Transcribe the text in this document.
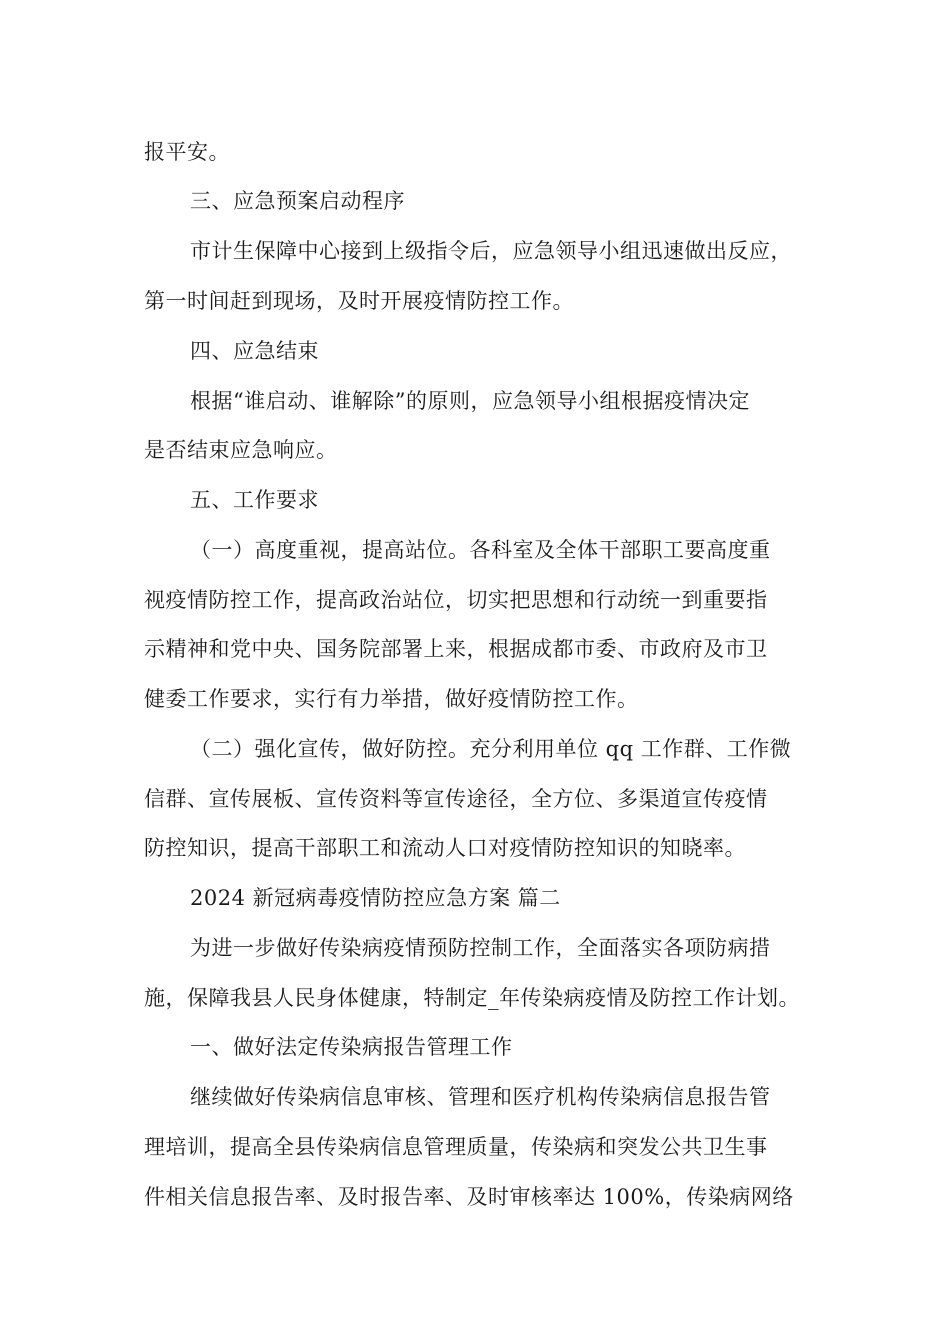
报平安。
三、应急预案启动程序
市计生保障中心接到上级指令后，应急领导小组迅速做出反应，
第一时间赶到现场，及时开展疫情防控工作。
四、应急结束
根据“谁启动、谁解除”的原则，应急领导小组根据疫情决定
是否结束应急响应。
五、工作要求
（一）高度重视，提高站位。各科室及全体干部职工要高度重
视疫情防控工作，提高政治站位，切实把思想和行动统一到重要指
示精神和党中央、国务院部署上来，根据成都市委、市政府及市卫
健委工作要求，实行有力举措，做好疫情防控工作。
（二）强化宣传，做好防控。充分利用单位 qq 工作群、工作微
信群、宣传展板、宣传资料等宣传途径，全方位、多渠道宣传疫情
防控知识，提高干部职工和流动人口对疫情防控知识的知晓率。
2024 新冠病毒疫情防控应急方案 篇二
为进一步做好传染病疫情预防控制工作，全面落实各项防病措
施，保障我县人民身体健康，特制定_年传染病疫情及防控工作计划。
一、做好法定传染病报告管理工作
继续做好传染病信息审核、管理和医疗机构传染病信息报告管
理培训，提高全县传染病信息管理质量，传染病和突发公共卫生事
件相关信息报告率、及时报告率、及时审核率达 100%，传染病网络
